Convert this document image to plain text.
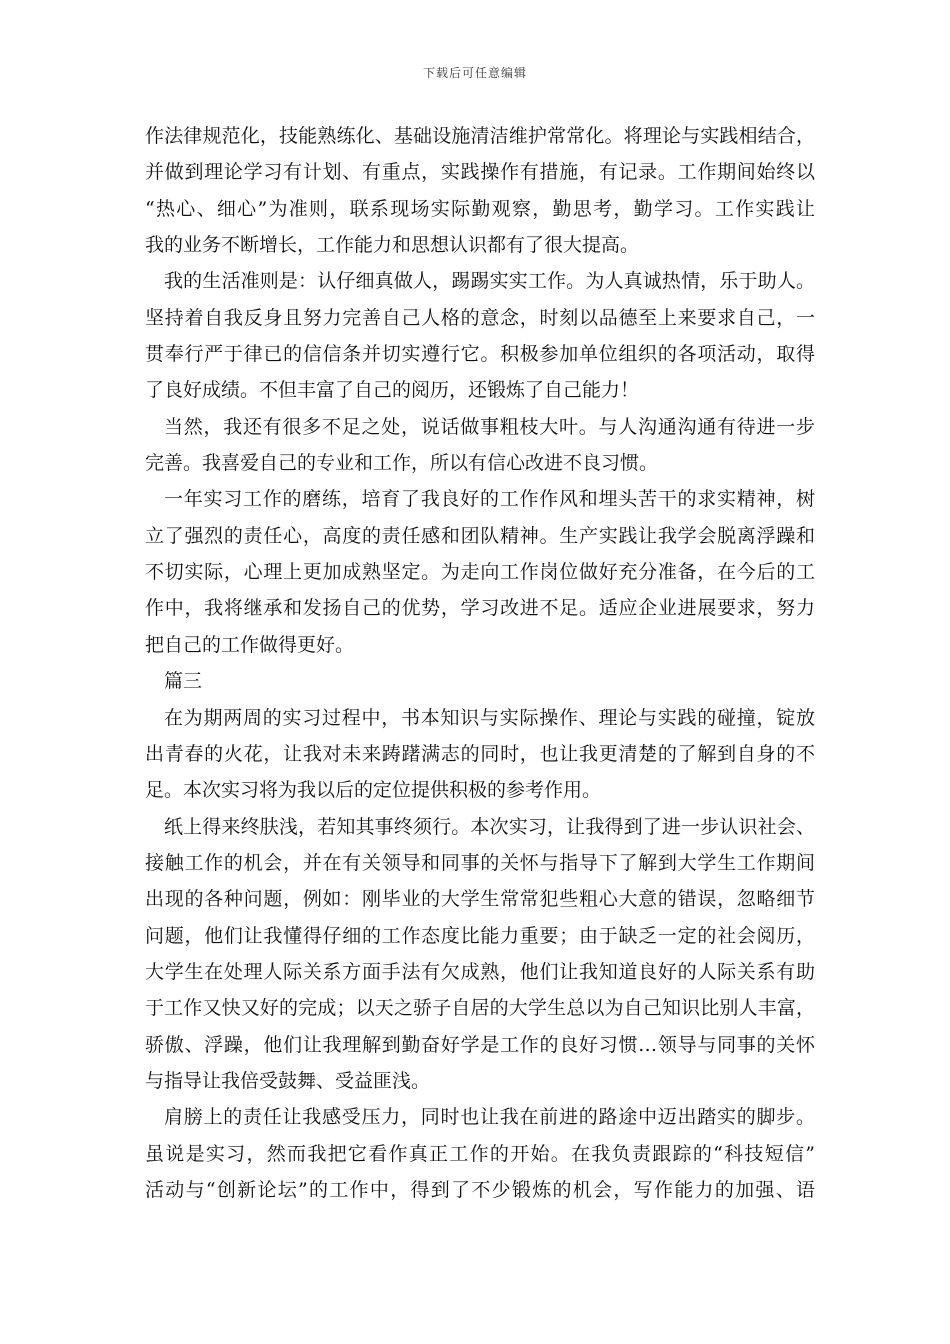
下载后可任意编辑
作法律规范化，技能熟练化、基础设施清洁维护常常化。将理论与实践相结合，
并做到理论学习有计划、有重点，实践操作有措施，有记录。工作期间始终以
“热心、细心”为准则，联系现场实际勤观察，勤思考，勤学习。工作实践让
我的业务不断增长，工作能力和思想认识都有了很大提高。
我的生活准则是：认仔细真做人，踢踢实实工作。为人真诚热情，乐于助人。
坚持着自我反身且努力完善自己人格的意念，时刻以品德至上来要求自己，一
贯奉行严于律已的信信条并切实遵行它。积极参加单位组织的各项活动，取得
了良好成绩。不但丰富了自己的阅历，还锻炼了自己能力！
当然，我还有很多不足之处，说话做事粗枝大叶。与人沟通沟通有待进一步
完善。我喜爱自己的专业和工作，所以有信心改进不良习惯。
一年实习工作的磨练，培育了我良好的工作作风和埋头苦干的求实精神，树
立了强烈的责任心，高度的责任感和团队精神。生产实践让我学会脱离浮躁和
不切实际，心理上更加成熟坚定。为走向工作岗位做好充分准备，在今后的工
作中，我将继承和发扬自己的优势，学习改进不足。适应企业进展要求，努力
把自己的工作做得更好。
篇三
在为期两周的实习过程中，书本知识与实际操作、理论与实践的碰撞，锭放
出青春的火花，让我对未来踌躇满志的同时，也让我更清楚的了解到自身的不
足。本次实习将为我以后的定位提供积极的参考作用。
纸上得来终肤浅，若知其事终须行。本次实习，让我得到了进一步认识社会、
接触工作的机会，并在有关领导和同事的关怀与指导下了解到大学生工作期间
出现的各种问题，例如：刚毕业的大学生常常犯些粗心大意的错误，忽略细节
问题，他们让我懂得仔细的工作态度比能力重要；由于缺乏一定的社会阅历，
大学生在处理人际关系方面手法有欠成熟，他们让我知道良好的人际关系有助
于工作又快又好的完成；以天之骄子自居的大学生总以为自己知识比别人丰富，
骄傲、浮躁，他们让我理解到勤奋好学是工作的良好习惯…领导与同事的关怀
与指导让我倍受鼓舞、受益匪浅。
肩膀上的责任让我感受压力，同时也让我在前进的路途中迈出踏实的脚步。
虽说是实习，然而我把它看作真正工作的开始。在我负责跟踪的“科技短信”
活动与“创新论坛”的工作中，得到了不少锻炼的机会，写作能力的加强、语
